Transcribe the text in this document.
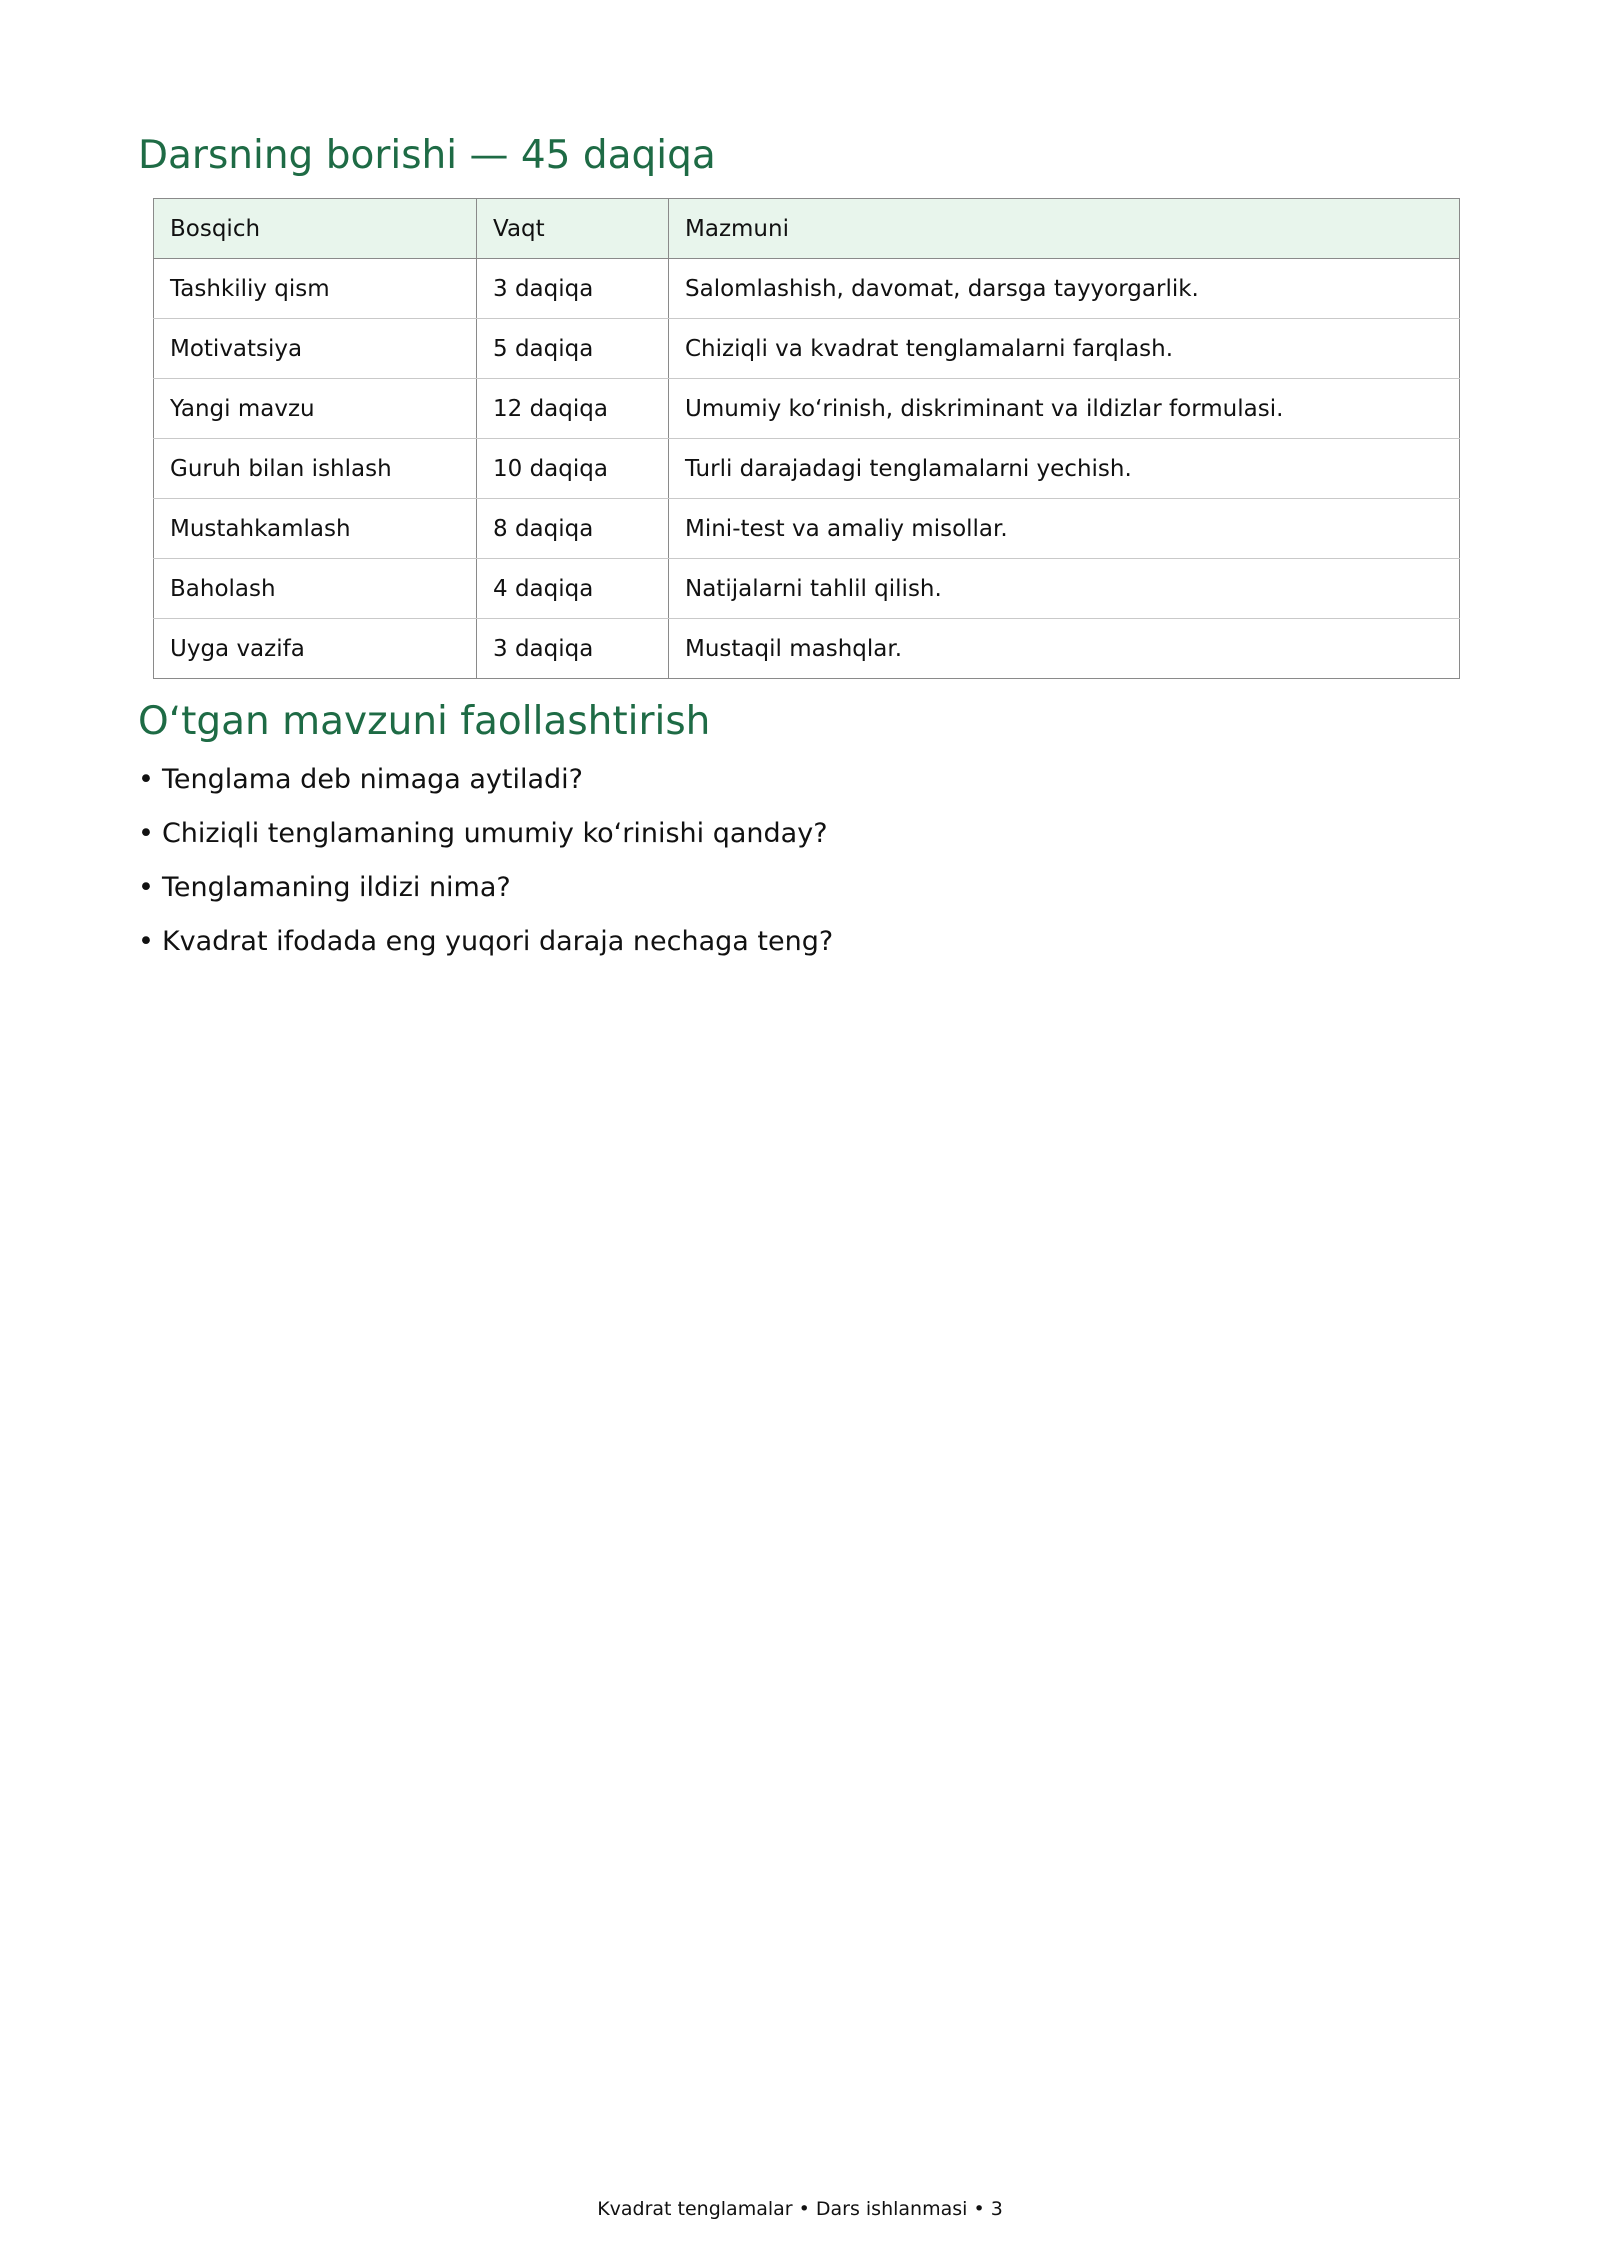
Darsning borishi — 45 daqiqa
Bosqich	Vaqt	Mazmuni
Tashkiliy qism	3 daqiqa	Salomlashish, davomat, darsga tayyorgarlik.
Motivatsiya	5 daqiqa	Chiziqli va kvadrat tenglamalarni farqlash.
Yangi mavzu	12 daqiqa	Umumiy ko‘rinish, diskriminant va ildizlar formulasi.
Guruh bilan ishlash	10 daqiqa	Turli darajadagi tenglamalarni yechish.
Mustahkamlash	8 daqiqa	Mini-test va amaliy misollar.
Baholash	4 daqiqa	Natijalarni tahlil qilish.
Uyga vazifa	3 daqiqa	Mustaqil mashqlar.
O‘tgan mavzuni faollashtirish
• Tenglama deb nimaga aytiladi?
• Chiziqli tenglamaning umumiy ko‘rinishi qanday?
• Tenglamaning ildizi nima?
• Kvadrat ifodada eng yuqori daraja nechaga teng?
Kvadrat tenglamalar • Dars ishlanmasi • 3
